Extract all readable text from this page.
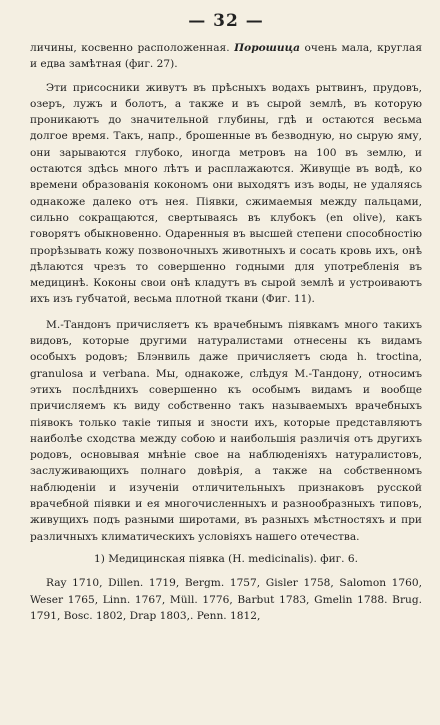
— 32 —

личины, косвенно расположенная. Порошица очень мала, круглая и едва замѣтная (фиг. 27).

Эти присосники живутъ въ прѣсныхъ водахъ рытвинъ, прудовъ, озеръ, лужъ и болотъ, а также и въ сырой землѣ, въ которую проникаютъ до значительной глубины, гдѣ и остаются весьма долгое время. Такъ, напр., брошенные въ безводную, но сырую яму, они зарываются глубоко, иногда метровъ на 100 въ землю, и остаются здѣсь много лѣтъ и расплажаются. Живущіе въ водѣ, ко времени образованія кокономъ они выходятъ изъ воды, не удаляясь однакоже далеко отъ нея. Піявки, сжимаемыя между пальцами, сильно сокращаются, свертываясь въ клубокъ (en olive), какъ говорятъ обыкновенно. Одаренныя въ высшей степени способностію прорѣзывать кожу позвоночныхъ животныхъ и сосать кровь ихъ, онѣ дѣлаются чрезъ то совершенно годными для употребленія въ медицинѣ. Коконы свои онѣ кладутъ въ сырой землѣ и устроиваютъ ихъ изъ губчатой, весьма плотной ткани (Фиг. 11).

М.-Тандонъ причисляетъ къ врачебнымъ піявкамъ много такихъ видовъ, которые другими натуралистами отнесены къ видамъ особыхъ родовъ; Блэнвиль даже причисляетъ сюда h. troctina, granulosa и verbana. Мы, однакоже, слѣдуя М.-Тандону, относимъ этихъ послѣднихъ совершенно къ особымъ видамъ и вообще причисляемъ къ виду собственно такъ называемыхъ врачебныхъ піявокъ только такіе типыя и зности ихъ, которые представляютъ наиболѣе сходства между собою и наибольшія различія отъ другихъ родовъ, основывая мнѣніе свое на наблюденіяхъ натуралистовъ, заслуживающихъ полнаго довѣрія, а также на собственномъ наблюденіи и изученіи отличительныхъ признаковъ русской врачебной піявки и ея многочисленныхъ и разнообразныхъ типовъ, живущихъ подъ разными широтами, въ разныхъ мѣстностяхъ и при различныхъ климатическихъ условіяхъ нашего отечества.

1) Медицинская піявка (H. medicinalis). фиг. 6.

Ray 1710, Dillen. 1719, Bergm. 1757, Gisler 1758, Salomon 1760, Weser 1765, Linn. 1767, Müll. 1776, Barbut 1783, Gmelin 1788. Brug. 1791, Bosc. 1802, Drap 1803,. Penn. 1812,
